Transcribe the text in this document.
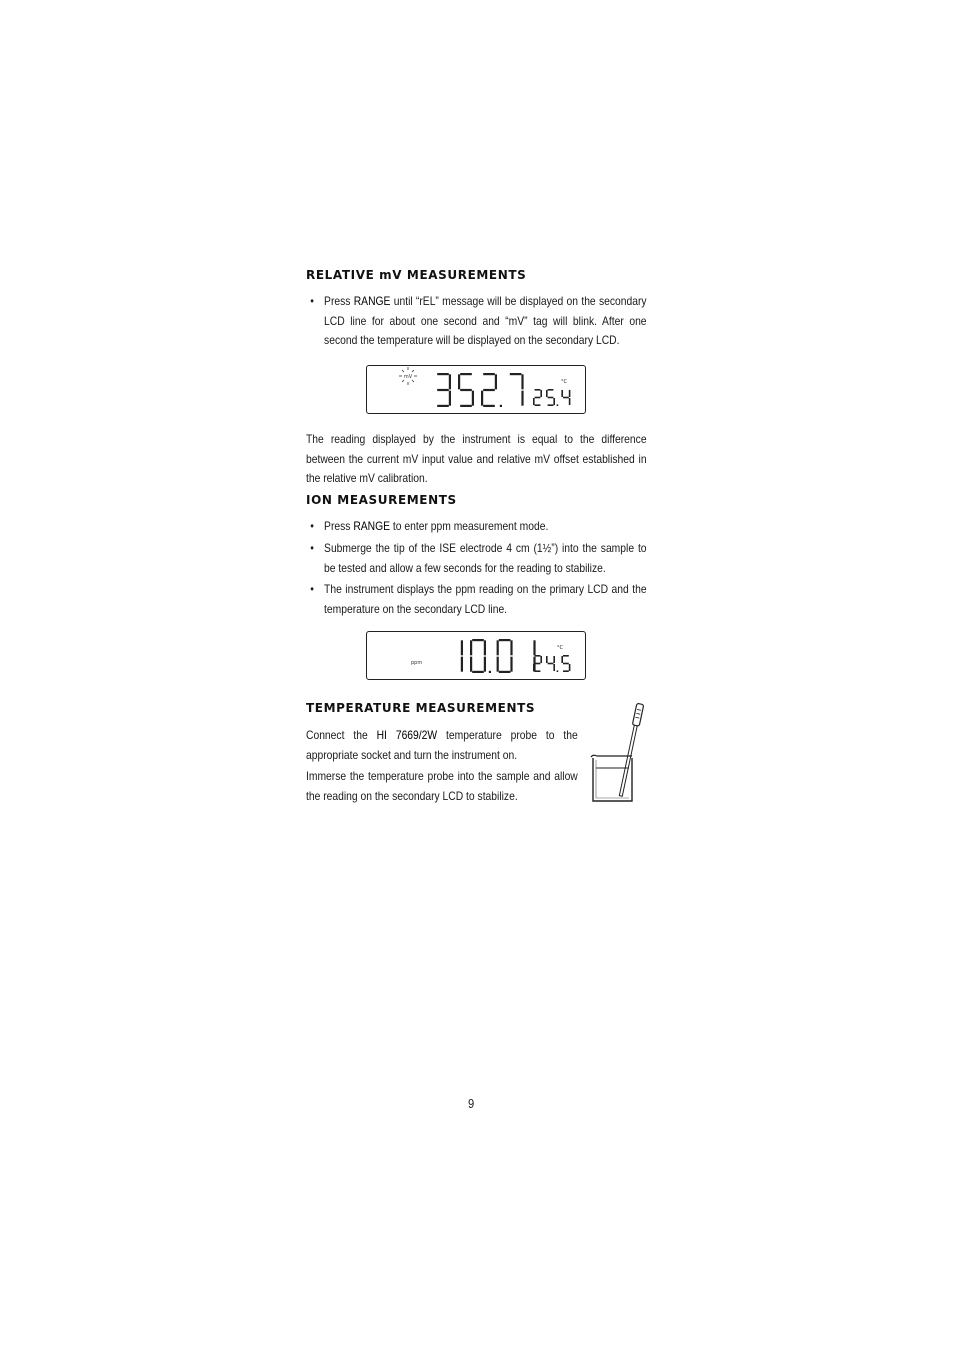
RELATIVE mV MEASUREMENTS
• Press RANGE until “rEL” message will be displayed on the secondary LCD line for about one second and “mV” tag will blink. After one second the temperature will be displayed on the secondary LCD.
mV
°C
The reading displayed by the instrument is equal to the difference between the current mV input value and relative mV offset established in the relative mV calibration.
ION MEASUREMENTS
• Press RANGE to enter ppm measurement mode.
• Submerge the tip of the ISE electrode 4 cm (1½”) into the sample to be tested and allow a few seconds for the reading to stabilize.
• The instrument displays the ppm reading on the primary LCD and the temperature on the secondary LCD line.
ppm
°C
TEMPERATURE MEASUREMENTS
Connect the HI 7669/2W temperature probe to the appropriate socket and turn the instrument on.
Immerse the temperature probe into the sample and allow the reading on the secondary LCD to stabilize.
9
